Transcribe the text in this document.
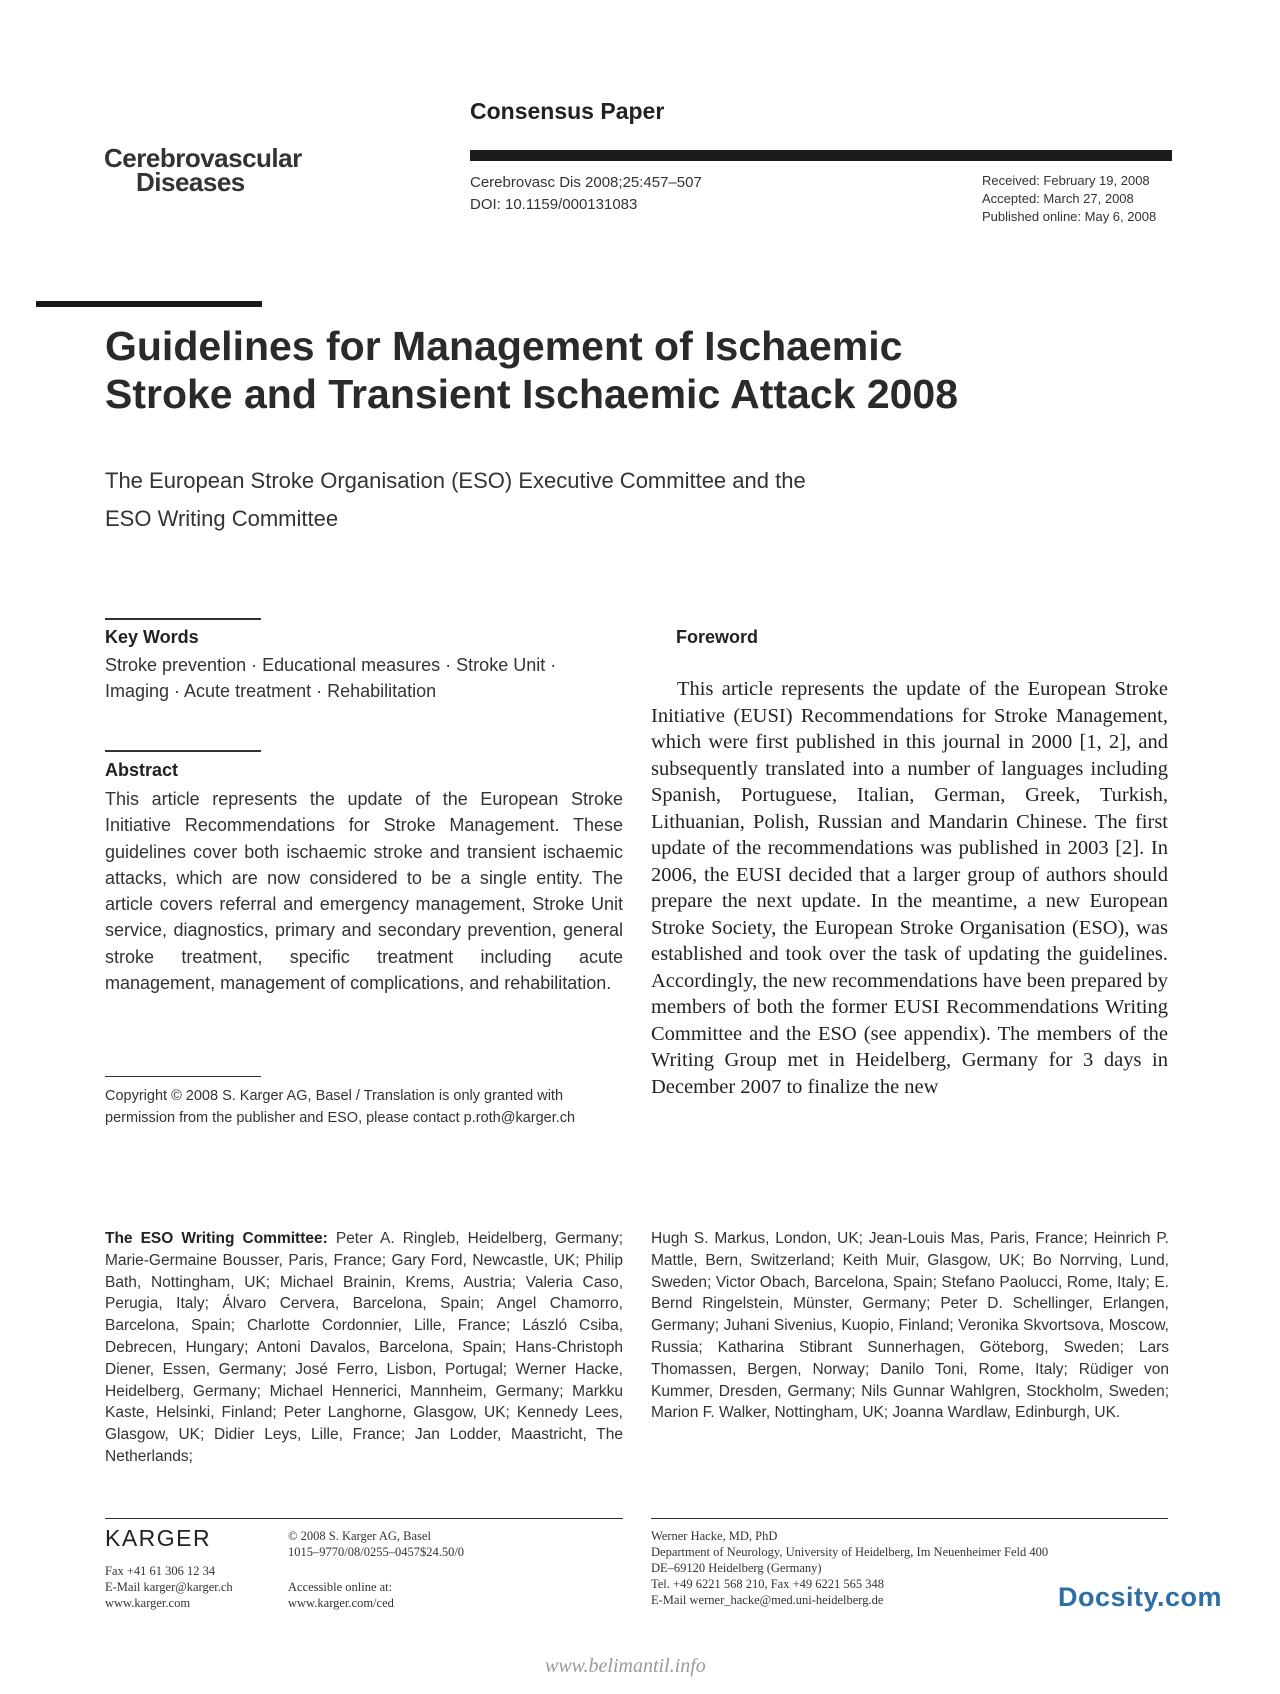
Consensus Paper
Cerebrovascular
Diseases	Cerebrovasc Dis 2008;25:457–507
DOI: 10.1159/000131083
Received: February 19, 2008
Accepted: March 27, 2008
Published online: May 6, 2008
Guidelines for Management of Ischaemic
Stroke and Transient Ischaemic Attack 2008
The European Stroke Organisation (ESO) Executive Committee and the
ESO Writing Committee
Key Words
Stroke prevention · Educational measures · Stroke Unit ·
Imaging · Acute treatment · Rehabilitation
Abstract
This article represents the update of the European Stroke Initiative Recommendations for Stroke Management. These guidelines cover both ischaemic stroke and transient ischaemic attacks, which are now considered to be a single entity. The article covers referral and emergency management, Stroke Unit service, diagnostics, primary and secondary prevention, general stroke treatment, specific treatment including acute management, management of complications, and rehabilitation.
Copyright © 2008 S. Karger AG, Basel / Translation is only granted with
permission from the publisher and ESO, please contact p.roth@karger.ch
Foreword
This article represents the update of the European Stroke Initiative (EUSI) Recommendations for Stroke Management, which were first published in this journal in 2000 [1, 2], and subsequently translated into a number of languages including Spanish, Portuguese, Italian, German, Greek, Turkish, Lithuanian, Polish, Russian and Mandarin Chinese. The first update of the recommendations was published in 2003 [2]. In 2006, the EUSI decided that a larger group of authors should prepare the next update. In the meantime, a new European Stroke Society, the European Stroke Organisation (ESO), was established and took over the task of updating the guidelines. Accordingly, the new recommendations have been prepared by members of both the former EUSI Recommendations Writing Committee and the ESO (see appendix). The members of the Writing Group met in Heidelberg, Germany for 3 days in December 2007 to finalize the new
The ESO Writing Committee: Peter A. Ringleb, Heidelberg, Germany; Marie-Germaine Bousser, Paris, France; Gary Ford, Newcastle, UK; Philip Bath, Nottingham, UK; Michael Brainin, Krems, Austria; Valeria Caso, Perugia, Italy; Álvaro Cervera, Barcelona, Spain; Angel Chamorro, Barcelona, Spain; Charlotte Cordonnier, Lille, France; László Csiba, Debrecen, Hungary; Antoni Davalos, Barcelona, Spain; Hans-Christoph Diener, Essen, Germany; José Ferro, Lisbon, Portugal; Werner Hacke, Heidelberg, Germany; Michael Hennerici, Mannheim, Germany; Markku Kaste, Helsinki, Finland; Peter Langhorne, Glasgow, UK; Kennedy Lees, Glasgow, UK; Didier Leys, Lille, France; Jan Lodder, Maastricht, The Netherlands;
Hugh S. Markus, London, UK; Jean-Louis Mas, Paris, France; Heinrich P. Mattle, Bern, Switzerland; Keith Muir, Glasgow, UK; Bo Norrving, Lund, Sweden; Victor Obach, Barcelona, Spain; Stefano Paolucci, Rome, Italy; E. Bernd Ringelstein, Münster, Germany; Peter D. Schellinger, Erlangen, Germany; Juhani Sivenius, Kuopio, Finland; Veronika Skvortsova, Moscow, Russia; Katharina Stibrant Sunnerhagen, Göteborg, Sweden; Lars Thomassen, Bergen, Norway; Danilo Toni, Rome, Italy; Rüdiger von Kummer, Dresden, Germany; Nils Gunnar Wahlgren, Stockholm, Sweden; Marion F. Walker, Nottingham, UK; Joanna Wardlaw, Edinburgh, UK.
KARGER
Fax +41 61 306 12 34
E-Mail karger@karger.ch
www.karger.com
© 2008 S. Karger AG, Basel
1015–9770/08/0255–0457$24.50/0
Accessible online at:
www.karger.com/ced
Werner Hacke, MD, PhD
Department of Neurology, University of Heidelberg, Im Neuenheimer Feld 400
DE–69120 Heidelberg (Germany)
Tel. +49 6221 568 210, Fax +49 6221 565 348
E-Mail werner_hacke@med.uni-heidelberg.de	Docsity.com
www.belimantil.info
